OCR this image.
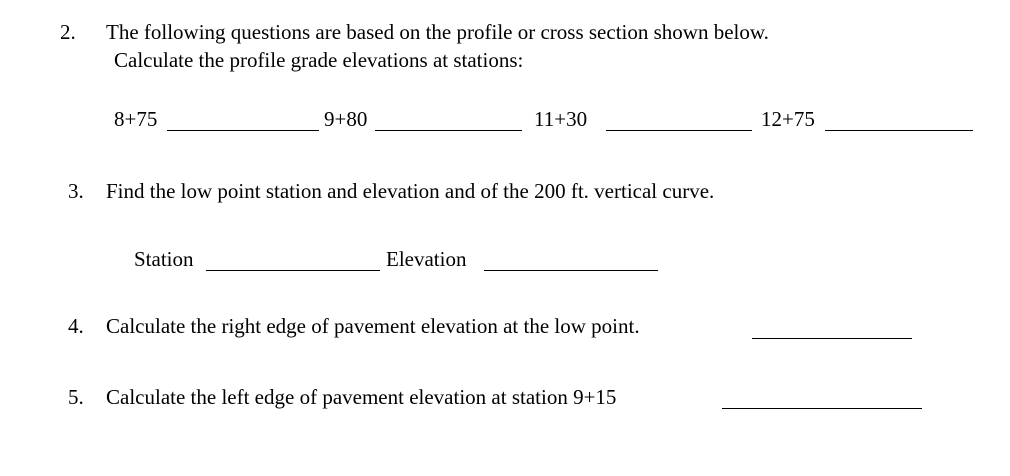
2. The following questions are based on the profile or cross section shown below.
Calculate the profile grade elevations at stations:
8+75	9+80	11+30	12+75
3. Find the low point station and elevation and of the 200 ft. vertical curve.
Station	Elevation
4. Calculate the right edge of pavement elevation at the low point.
5. Calculate the left edge of pavement elevation at station 9+15
